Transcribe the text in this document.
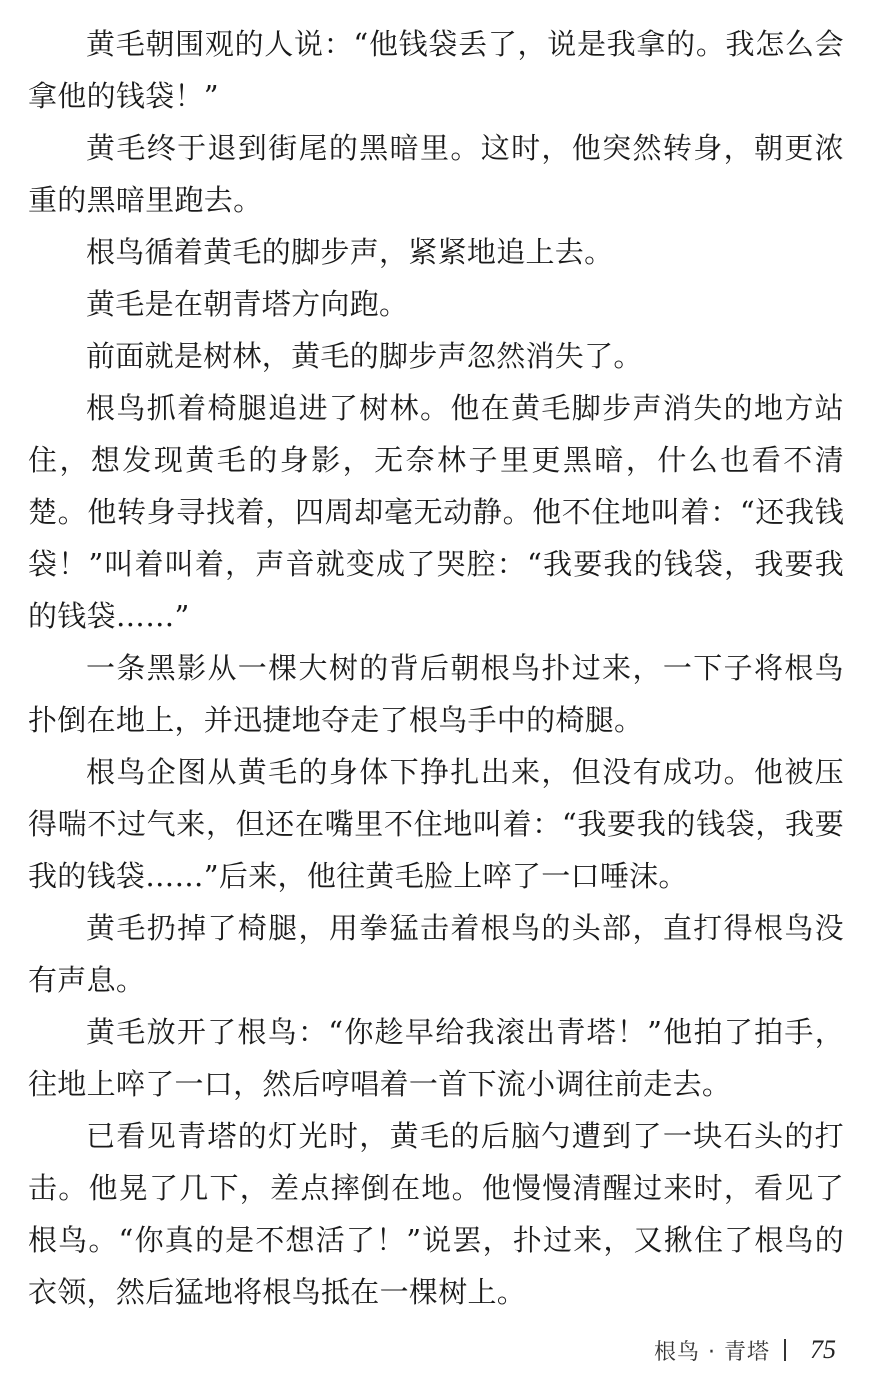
黄毛朝围观的人说：“他钱袋丢了，说是我拿的。我怎么会拿他的钱袋！”

黄毛终于退到街尾的黑暗里。这时，他突然转身，朝更浓重的黑暗里跑去。

根鸟循着黄毛的脚步声，紧紧地追上去。

黄毛是在朝青塔方向跑。

前面就是树林，黄毛的脚步声忽然消失了。

根鸟抓着椅腿追进了树林。他在黄毛脚步声消失的地方站住，想发现黄毛的身影，无奈林子里更黑暗，什么也看不清楚。他转身寻找着，四周却毫无动静。他不住地叫着：“还我钱袋！”叫着叫着，声音就变成了哭腔：“我要我的钱袋，我要我的钱袋……”

一条黑影从一棵大树的背后朝根鸟扑过来，一下子将根鸟扑倒在地上，并迅捷地夺走了根鸟手中的椅腿。

根鸟企图从黄毛的身体下挣扎出来，但没有成功。他被压得喘不过气来，但还在嘴里不住地叫着：“我要我的钱袋，我要我的钱袋……”后来，他往黄毛脸上啐了一口唾沫。

黄毛扔掉了椅腿，用拳猛击着根鸟的头部，直打得根鸟没有声息。

黄毛放开了根鸟：“你趁早给我滚出青塔！”他拍了拍手，往地上啐了一口，然后哼唱着一首下流小调往前走去。

已看见青塔的灯光时，黄毛的后脑勺遭到了一块石头的打击。他晃了几下，差点摔倒在地。他慢慢清醒过来时，看见了根鸟。“你真的是不想活了！”说罢，扑过来，又揪住了根鸟的衣领，然后猛地将根鸟抵在一棵树上。

根鸟 · 青塔 75
